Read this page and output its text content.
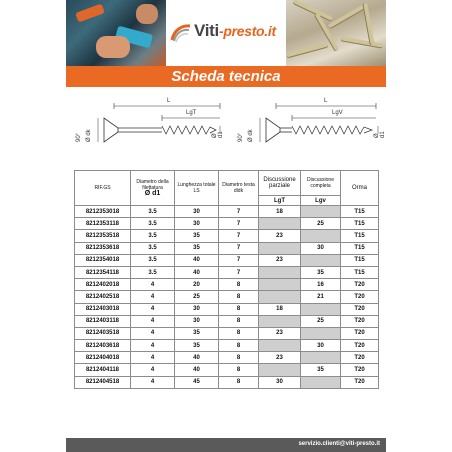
Viti-presto.it
Scheda tecnica
L
LgT
Ø d1
90° Ø dk
L
LgV
Ø d1
90° Ø dk
RIF.GS	Diametro della filettatura
Ø d1	Lunghezza totale LS	Diametro testa dldk	Discussione parziale	Discussione completa	Orma
				LgT	Lgv	
8212353018	3.5	30	7	18		T15
8212353118	3.5	30	7		25	T15
8212353518	3.5	35	7	23		T15
8212353618	3.5	35	7		30	T15
8212354018	3.5	40	7	23		T15
8212354118	3.5	40	7		35	T15
8212402018	4	20	8		16	T20
8212402518	4	25	8		21	T20
8212403018	4	30	8	18		T20
8212403118	4	30	8		25	T20
8212403518	4	35	8	23		T20
8212403618	4	35	8		30	T20
8212404018	4	40	8	23		T20
8212404118	4	40	8		35	T20
8212404518	4	45	8	30		T20
servizio.clienti@viti-presto.it
